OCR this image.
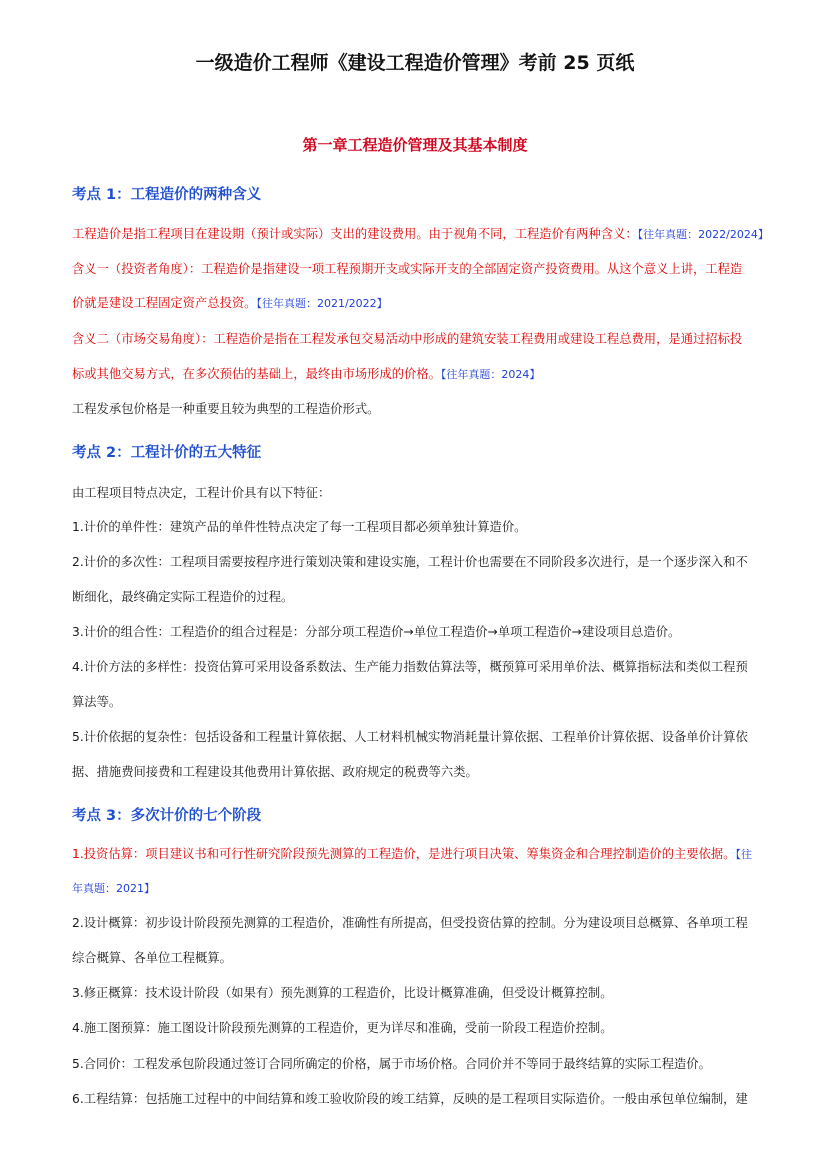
一级造价工程师《建设工程造价管理》考前 25 页纸
第一章工程造价管理及其基本制度
考点 1：工程造价的两种含义
工程造价是指工程项目在建设期（预计或实际）支出的建设费用。由于视角不同，工程造价有两种含义：【往年真题：2022/2024】
含义一（投资者角度）：工程造价是指建设一项工程预期开支或实际开支的全部固定资产投资费用。从这个意义上讲，工程造
价就是建设工程固定资产总投资。【往年真题：2021/2022】
含义二（市场交易角度）：工程造价是指在工程发承包交易活动中形成的建筑安装工程费用或建设工程总费用，是通过招标投
标或其他交易方式，在多次预估的基础上，最终由市场形成的价格。【往年真题：2024】
工程发承包价格是一种重要且较为典型的工程造价形式。
考点 2：工程计价的五大特征
由工程项目特点决定，工程计价具有以下特征：
1.计价的单件性：建筑产品的单件性特点决定了每一工程项目都必须单独计算造价。
2.计价的多次性：工程项目需要按程序进行策划决策和建设实施，工程计价也需要在不同阶段多次进行，是一个逐步深入和不
断细化，最终确定实际工程造价的过程。
3.计价的组合性：工程造价的组合过程是：分部分项工程造价→单位工程造价→单项工程造价→建设项目总造价。
4.计价方法的多样性：投资估算可采用设备系数法、生产能力指数估算法等，概预算可采用单价法、概算指标法和类似工程预
算法等。
5.计价依据的复杂性：包括设备和工程量计算依据、人工材料机械实物消耗量计算依据、工程单价计算依据、设备单价计算依
据、措施费间接费和工程建设其他费用计算依据、政府规定的税费等六类。
考点 3：多次计价的七个阶段
1.投资估算：项目建议书和可行性研究阶段预先测算的工程造价，是进行项目决策、筹集资金和合理控制造价的主要依据。【往
年真题：2021】
2.设计概算：初步设计阶段预先测算的工程造价，准确性有所提高，但受投资估算的控制。分为建设项目总概算、各单项工程
综合概算、各单位工程概算。
3.修正概算：技术设计阶段（如果有）预先测算的工程造价，比设计概算准确，但受设计概算控制。
4.施工图预算：施工图设计阶段预先测算的工程造价，更为详尽和准确，受前一阶段工程造价控制。
5.合同价：工程发承包阶段通过签订合同所确定的价格，属于市场价格。合同价并不等同于最终结算的实际工程造价。
6.工程结算：包括施工过程中的中间结算和竣工验收阶段的竣工结算，反映的是工程项目实际造价。一般由承包单位编制，建
